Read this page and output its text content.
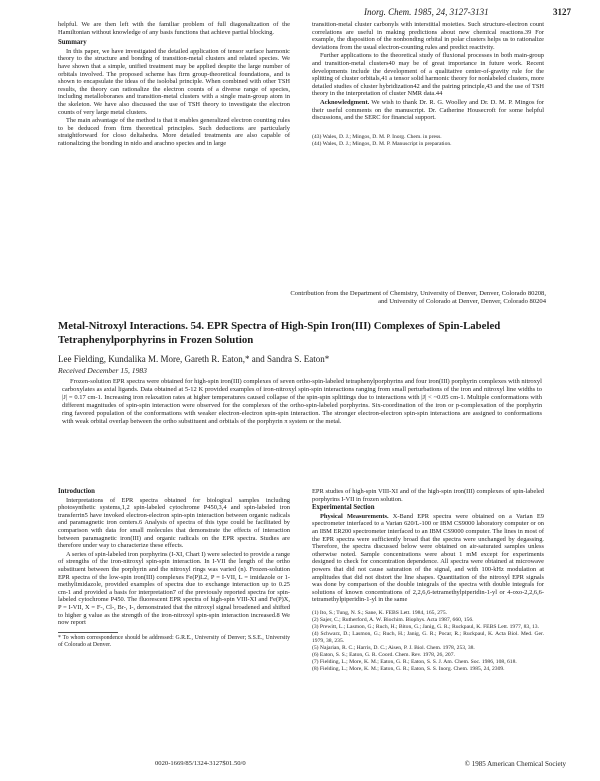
Inorg. Chem. 1985, 24, 3127-3131	3127

helpful. We are then left with the familiar problem of full diagonalization of the Hamiltonian without knowledge of any basis functions that achieve partial blocking.

Summary

In this paper, we have investigated the detailed application of tensor surface harmonic theory to the structure and bonding of transition-metal clusters and related species. We have shown that a simple, unified treatment may be applied despite the large number of orbitals involved. The proposed scheme has firm group-theoretical foundations, and is shown to encapsulate the ideas of the isolobal principle. When combined with other TSH results, the theory can rationalize the electron counts of a diverse range of species, including metalloboranes and transition-metal clusters with a single main-group atom in the skeleton. We have also discussed the use of TSH theory to investigate the electron counts of very large metal clusters.

The main advantage of the method is that it enables generalized electron counting rules to be deduced from firm theoretical principles. Such deductions are particularly straightforward for closo deltahedra. More detailed treatments are also capable of rationalizing the bonding in nido and arachno species and in large

transition-metal cluster carbonyls with interstitial moieties. Such structure-electron count correlations are useful in making predictions about new chemical reactions.39 For example, the disposition of the nonbonding orbital in polar clusters helps us to rationalize deviations from the usual electron-counting rules and predict reactivity.

Further applications to the theoretical study of fluxional processes in both main-group and transition-metal clusters40 may be of great importance in future work. Recent developments include the development of a qualitative center-of-gravity rule for the splitting of cluster orbitals,41 a tensor solid harmonic theory for nonlabeled clusters, more detailed studies of cluster hybridization42 and the pairing principle,43 and the use of TSH theory in the interpretation of cluster NMR data.44

Acknowledgment. We wish to thank Dr. R. G. Woolley and Dr. D. M. P. Mingos for their useful comments on the manuscript. Dr. Catherine Housecroft for some helpful discussions, and the SERC for financial support.

(43) Wales, D. J.; Mingos, D. M. P. Inorg. Chem. in press.
(44) Wales, D. J.; Mingos, D. M. P. Manuscript in preparation.
Contribution from the Department of Chemistry, University of Denver, Denver, Colorado 80208,
and University of Colorado at Denver, Denver, Colorado 80204
Metal-Nitroxyl Interactions. 54. EPR Spectra of High-Spin Iron(III) Complexes of Spin-Labeled Tetraphenylporphyrins in Frozen Solution
Lee Fielding, Kundalika M. More, Gareth R. Eaton,* and Sandra S. Eaton*
Received December 15, 1983

Frozen-solution EPR spectra were obtained for high-spin iron(III) complexes of seven ortho-spin-labeled tetraphenylporphyrins and four iron(III) porphyrin complexes with nitroxyl carboxylates as axial ligands. Data obtained at 5-12 K provided examples of iron-nitroxyl spin-spin interactions ranging from small perturbations of the iron and nitroxyl line widths to |J| = 0.17 cm-1. Increasing iron relaxation rates at higher temperatures caused collapse of the spin-spin splittings due to interactions with |J| < ~0.05 cm-1. Multiple conformations with different magnitudes of spin-spin interaction were observed for the complexes of the ortho-spin-labeled porphyrins. Six-coordination of the iron or p-complexation of the porphyrin ring favored population of the conformations with weaker electron-electron spin-spin interaction. The stronger electron-electron spin-spin interactions are assigned to conformations with weak orbital overlap between the ortho substituent and orbitals of the porphyrin π system or the metal.

Introduction

Interpretations of EPR spectra obtained for biological samples including photosynthetic systems,1,2 spin-labeled cytochrome P450,3,4 and spin-labeled iron transferrin5 have invoked electron-electron spin-spin interaction between organic radicals and paramagnetic iron centers.6 Analysis of spectra of this type could be facilitated by comparison with data for small molecules that demonstrate the effects of interaction between paramagnetic iron(III) and organic radicals on the EPR spectra. Studies are therefore under way to characterize these effects.

A series of spin-labeled iron porphyrins (I-XI, Chart I) were selected to provide a range of strengths of the iron-nitroxyl spin-spin interaction. In I-VII the length of the ortho substituent between the porphyrin and the nitroxyl rings was varied (n). Frozen-solution EPR spectra of the low-spin iron(III) complexes Fe(P)L2, P = I-VII, L = imidazole or 1-methylimidazole, provided examples of spectra due to exchange interaction up to 0.25 cm-1 and provided a basis for interpretation7 of the previously reported spectra for spin-labeled cytochrome P450. The fluorescent EPR spectra of high-spin VIII-XI and Fe(P)X, P = I-VII, X = F-, Cl-, Br-, I-, demonstrated that the nitroxyl signal broadened and shifted to higher g value as the strength of the iron-nitroxyl spin-spin interaction increased.8 We now report

* To whom correspondence should be addressed: G.R.E., University of Denver; S.S.E., University of Colorado at Denver.

EPR studies of high-spin VIII-XI and of the high-spin iron(III) complexes of spin-labeled porphyrins I-VII in frozen solution.

Experimental Section

Physical Measurements. X-Band EPR spectra were obtained on a Varian E9 spectrometer interfaced to a Varian 620/L-100 or IBM CS9000 laboratory computer or on an IBM ER200 spectrometer interfaced to an IBM CS9000 computer. The lines in most of the EPR spectra were sufficiently broad that the spectra were unchanged by degassing. Therefore, the spectra discussed below were obtained on air-saturated samples unless otherwise noted. Sample concentrations were about 1 mM except for experiments designed to check for concentration dependence. All spectra were obtained at microwave powers that did not cause saturation of the signal, and with 100-kHz modulation at amplitudes that did not distort the line shapes. Quantitation of the nitroxyl EPR signals was done by comparison of the double integrals of the spectra with double integrals for solutions of known concentrations of 2,2,6,6-tetramethylpiperidin-1-yl or 4-oxo-2,2,6,6-tetramethylpiperidin-1-yl in the same

(1) Ito, S.; Tung, N. S.; Sane, K. FEBS Lett. 1984, 165, 275.
(2) Sajer, C.; Rutherford, A. W. Biochim. Biophys. Acta 1987, 660, 156.
(3) Prewitt, L.; Lasmon, G.; Ruch, H.; Biton, G.; Janig, G. R.; Ruckpaul, K. FEBS Lett. 1977, 83, 13.
(4) Schwarz, D.; Lasmon, G.; Ruch, H.; Janig, G. R.; Pocar, R.; Ruckpaul, K. Acta Biol. Med. Ger. 1979, 38, 235.
(5) Najarian, R. C.; Harris, D. C.; Aisen, P. J. Biol. Chem. 1978, 253, 38.
(6) Eaton, S. S.; Eaton, G. R. Coord. Chem. Rev. 1978, 26, 207.
(7) Fielding, L.; More, K. M.; Eaton, G. R.; Eaton, S. S. J. Am. Chem. Soc. 1986, 108, 618.
(8) Fielding, L.; More, K. M.; Eaton, G. R.; Eaton, S. S. Inorg. Chem. 1985, 24, 2309.
0020-1669/85/1324-3127$01.50/0	© 1985 American Chemical Society
